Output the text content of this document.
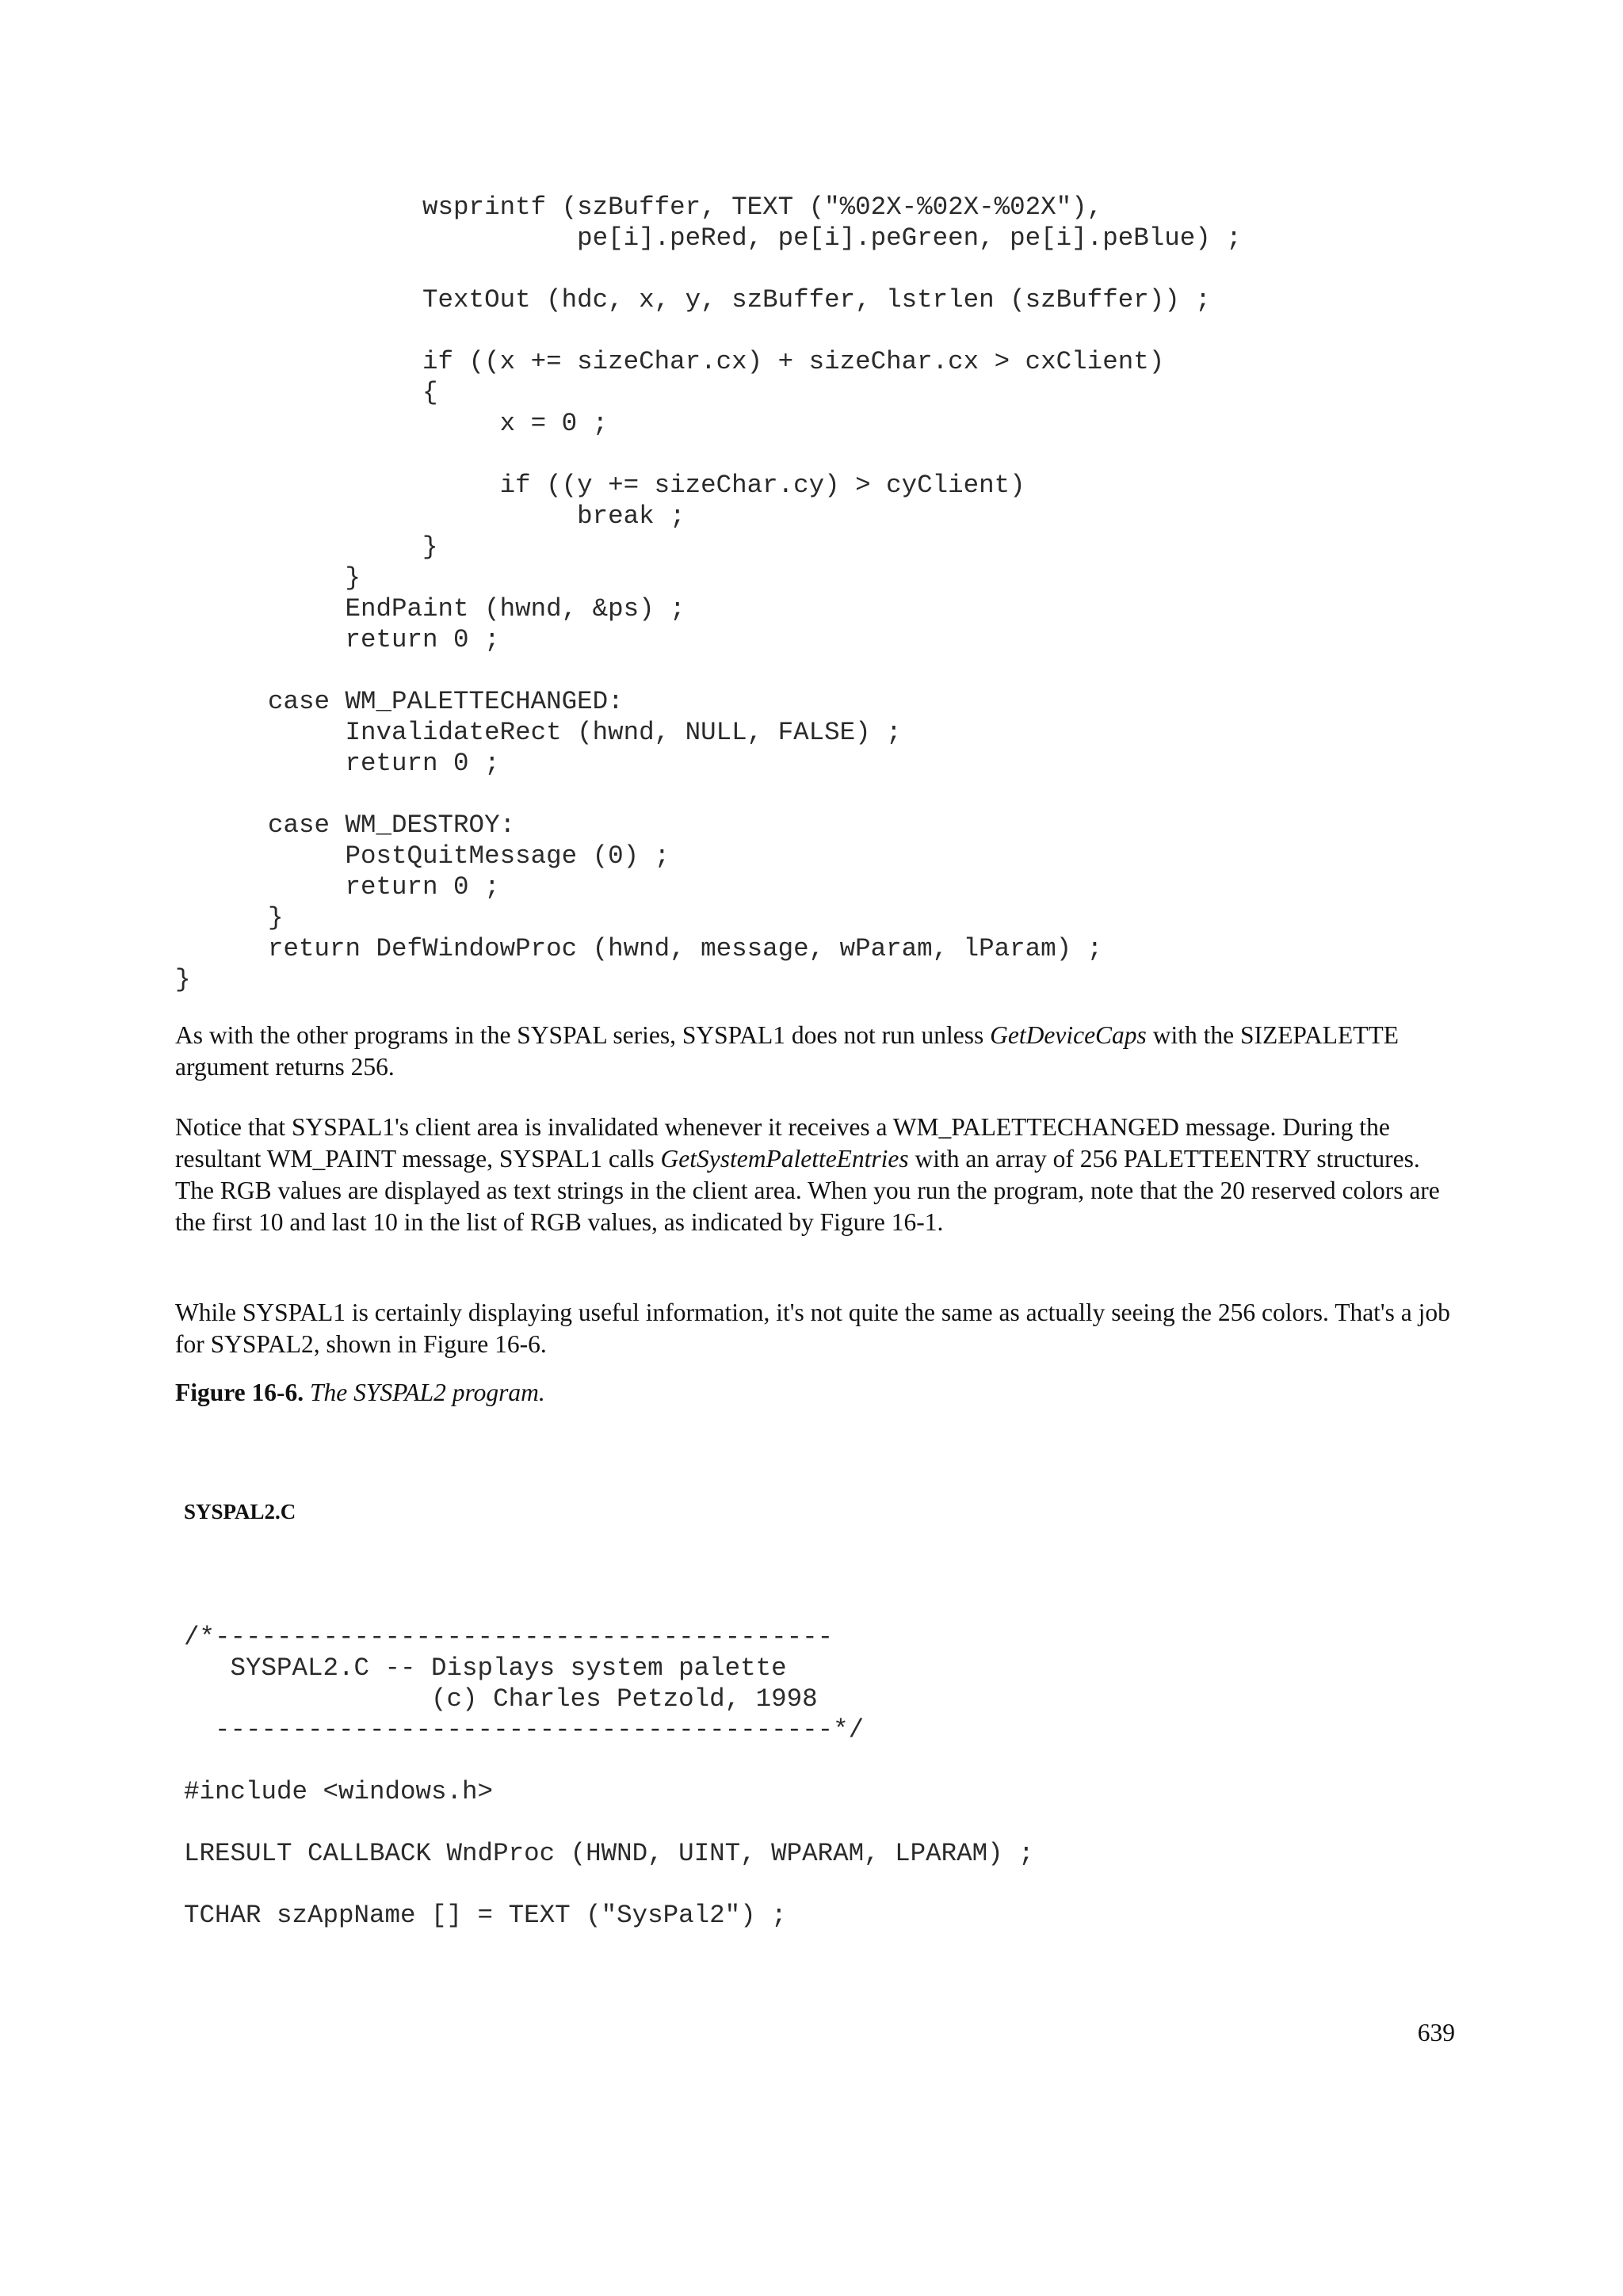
wsprintf (szBuffer, TEXT ("%02X-%02X-%02X"),
pe[i].peRed, pe[i].peGreen, pe[i].peBlue) ;
TextOut (hdc, x, y, szBuffer, lstrlen (szBuffer)) ;
if ((x += sizeChar.cx) + sizeChar.cx > cxClient)
{
x = 0 ;
if ((y += sizeChar.cy) > cyClient)
break ;
}
}
EndPaint (hwnd, &ps) ;
return 0 ;
case WM_PALETTECHANGED:
InvalidateRect (hwnd, NULL, FALSE) ;
return 0 ;
case WM_DESTROY:
PostQuitMessage (0) ;
return 0 ;
}
return DefWindowProc (hwnd, message, wParam, lParam) ;
}

As with the other programs in the SYSPAL series, SYSPAL1 does not run unless GetDeviceCaps with the SIZEPALETTE argument returns 256.

Notice that SYSPAL1's client area is invalidated whenever it receives a WM_PALETTECHANGED message. During the resultant WM_PAINT message, SYSPAL1 calls GetSystemPaletteEntries with an array of 256 PALETTEENTRY structures. The RGB values are displayed as text strings in the client area. When you run the program, note that the 20 reserved colors are the first 10 and last 10 in the list of RGB values, as indicated by Figure 16-1.

While SYSPAL1 is certainly displaying useful information, it's not quite the same as actually seeing the 256 colors. That's a job for SYSPAL2, shown in Figure 16-6.

Figure 16-6. The SYSPAL2 program.

SYSPAL2.C

/*----------------------------------------
SYSPAL2.C -- Displays system palette
(c) Charles Petzold, 1998
----------------------------------------*/
#include <windows.h>
LRESULT CALLBACK WndProc (HWND, UINT, WPARAM, LPARAM) ;
TCHAR szAppName [] = TEXT ("SysPal2") ;

639
